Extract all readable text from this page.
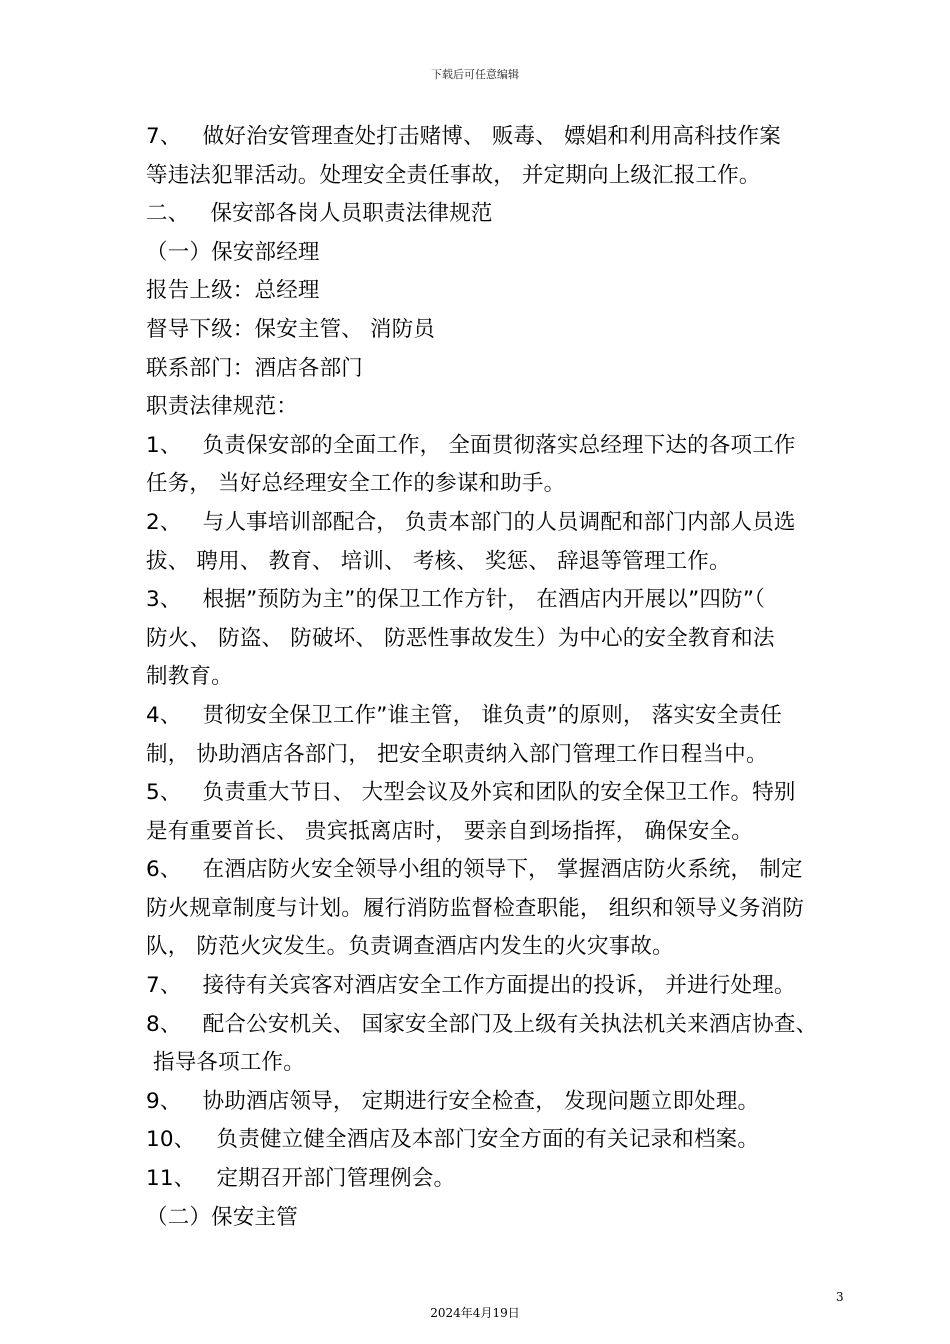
下载后可任意编辑
7、   做好治安管理查处打击赌博、 贩毒、 嫖娼和利用高科技作案
等违法犯罪活动。处理安全责任事故， 并定期向上级汇报工作。
二、   保安部各岗人员职责法律规范
（一）保安部经理
报告上级：总经理
督导下级：保安主管、 消防员
联系部门：酒店各部门
职责法律规范：
1、   负责保安部的全面工作， 全面贯彻落实总经理下达的各项工作
任务， 当好总经理安全工作的参谋和助手。
2、   与人事培训部配合， 负责本部门的人员调配和部门内部人员选
拔、 聘用、 教育、 培训、 考核、 奖惩、 辞退等管理工作。
3、   根据”预防为主”的保卫工作方针， 在酒店内开展以”四防”（
防火、 防盗、 防破坏、 防恶性事故发生）为中心的安全教育和法
制教育。
4、   贯彻安全保卫工作”谁主管， 谁负责”的原则， 落实安全责任
制， 协助酒店各部门， 把安全职责纳入部门管理工作日程当中。
5、   负责重大节日、 大型会议及外宾和团队的安全保卫工作。特别
是有重要首长、 贵宾抵离店时， 要亲自到场指挥， 确保安全。
6、   在酒店防火安全领导小组的领导下， 掌握酒店防火系统， 制定
防火规章制度与计划。履行消防监督检查职能， 组织和领导义务消防
队， 防范火灾发生。负责调查酒店内发生的火灾事故。
7、   接待有关宾客对酒店安全工作方面提出的投诉， 并进行处理。
8、   配合公安机关、 国家安全部门及上级有关执法机关来酒店协查、
指导各项工作。
9、   协助酒店领导， 定期进行安全检查， 发现问题立即处理。
10、   负责健立健全酒店及本部门安全方面的有关记录和档案。
11、   定期召开部门管理例会。
（二）保安主管
3
2024年4月19日
